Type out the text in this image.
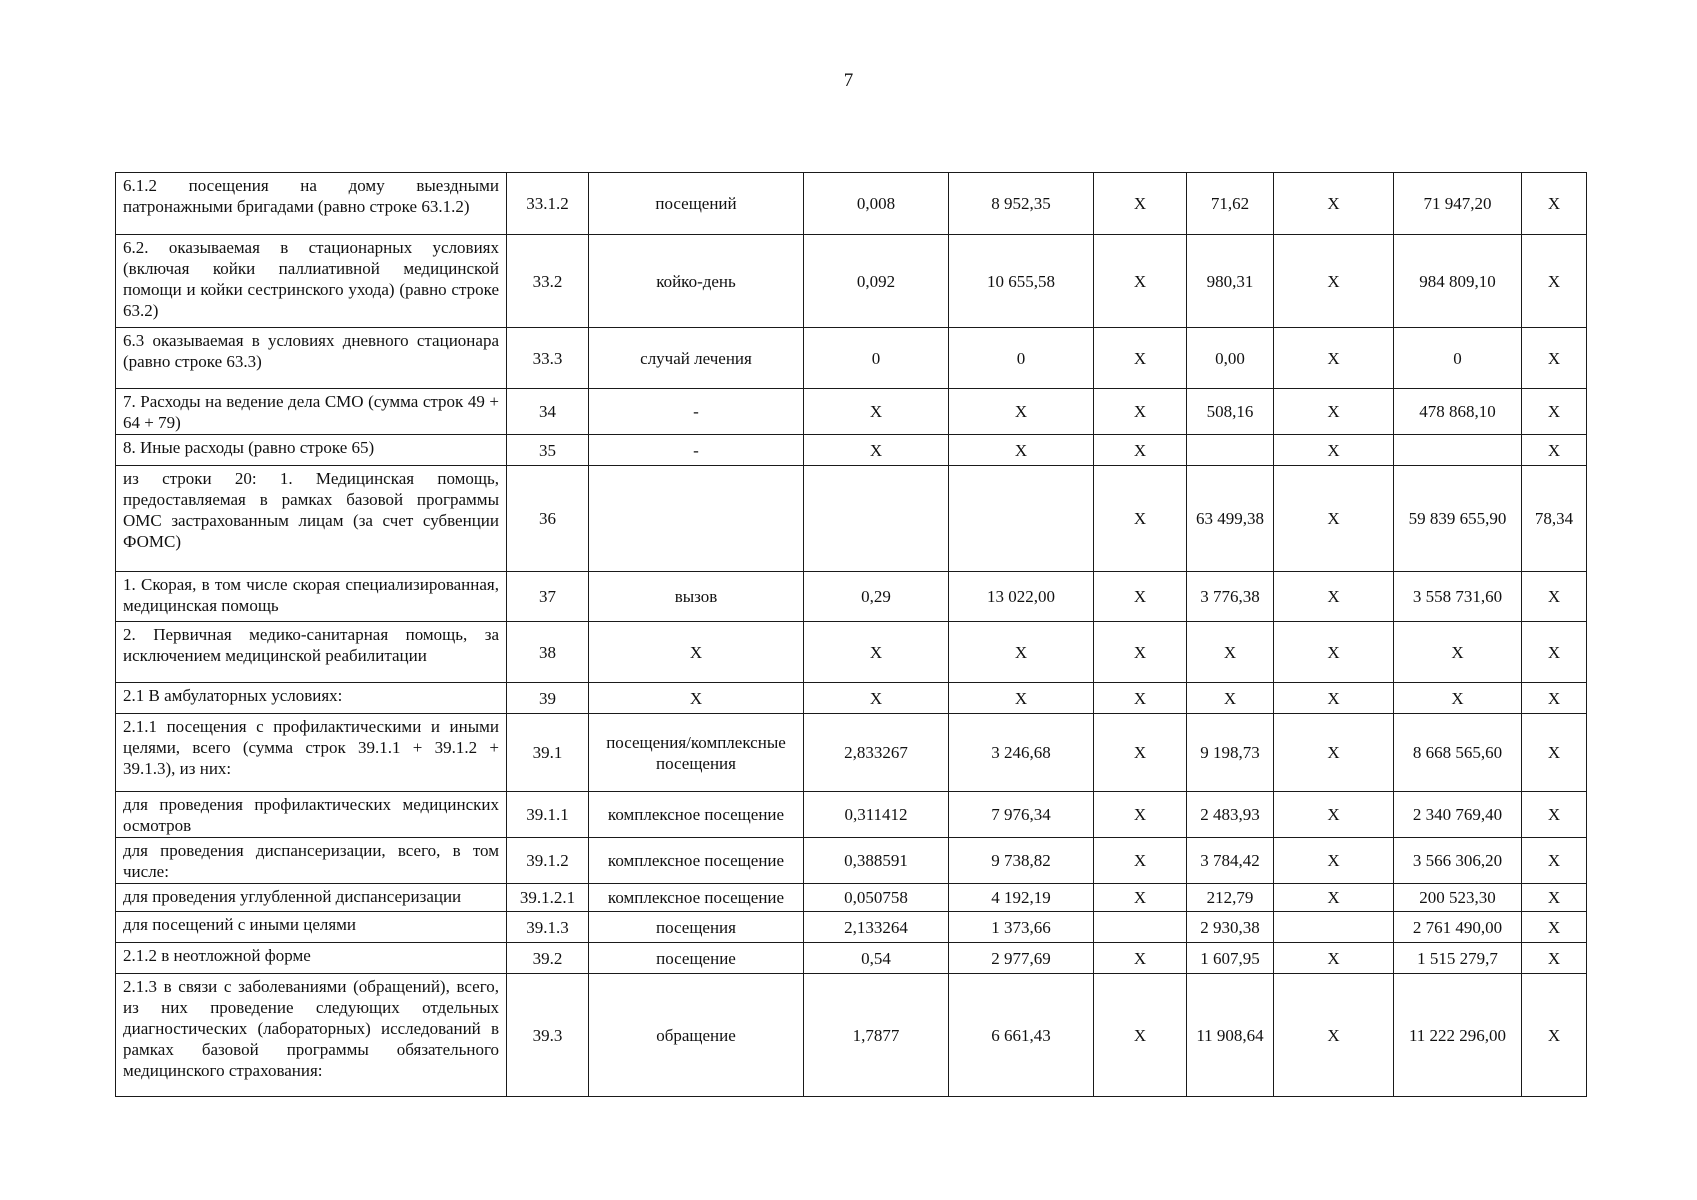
7
6.1.2 посещения на дому выездными патронажными бригадами (равно строке 63.1.2)	33.1.2	посещений	0,008	8 952,35	X	71,62	X	71 947,20	X
6.2. оказываемая в стационарных условиях (включая койки паллиативной медицинской помощи и койки сестринского ухода) (равно строке 63.2)	33.2	койко-день	0,092	10 655,58	X	980,31	X	984 809,10	X
6.3 оказываемая в условиях дневного стационара (равно строке 63.3)	33.3	случай лечения	0	0	X	0,00	X	0	X
7. Расходы на ведение дела СМО (сумма строк 49 + 64 + 79)	34	-	X	X	X	508,16	X	478 868,10	X
8. Иные расходы (равно строке 65)	35	-	X	X	X		X		X
из строки 20: 1. Медицинская помощь, предоставляемая в рамках базовой программы ОМС застрахованным лицам (за счет субвенции ФОМС)	36				X	63 499,38	X	59 839 655,90	78,34
1. Скорая, в том числе скорая специализированная, медицинская помощь	37	вызов	0,29	13 022,00	X	3 776,38	X	3 558 731,60	X
2. Первичная медико-санитарная помощь, за исключением медицинской реабилитации	38	X	X	X	X	X	X	X	X
2.1 В амбулаторных условиях:	39	X	X	X	X	X	X	X	X
2.1.1 посещения с профилактическими и иными целями, всего (сумма строк 39.1.1 + 39.1.2 + 39.1.3), из них:	39.1	посещения/комплексные посещения	2,833267	3 246,68	X	9 198,73	X	8 668 565,60	X
для проведения профилактических медицинских осмотров	39.1.1	комплексное посещение	0,311412	7 976,34	X	2 483,93	X	2 340 769,40	X
для проведения диспансеризации, всего, в том числе:	39.1.2	комплексное посещение	0,388591	9 738,82	X	3 784,42	X	3 566 306,20	X
для проведения углубленной диспансеризации	39.1.2.1	комплексное посещение	0,050758	4 192,19	X	212,79	X	200 523,30	X
для посещений с иными целями	39.1.3	посещения	2,133264	1 373,66		2 930,38		2 761 490,00	X
2.1.2 в неотложной форме	39.2	посещение	0,54	2 977,69	X	1 607,95	X	1 515 279,7	X
2.1.3 в связи с заболеваниями (обращений), всего, из них проведение следующих отдельных диагностических (лабораторных) исследований в рамках базовой программы обязательного медицинского страхования:	39.3	обращение	1,7877	6 661,43	X	11 908,64	X	11 222 296,00	X
